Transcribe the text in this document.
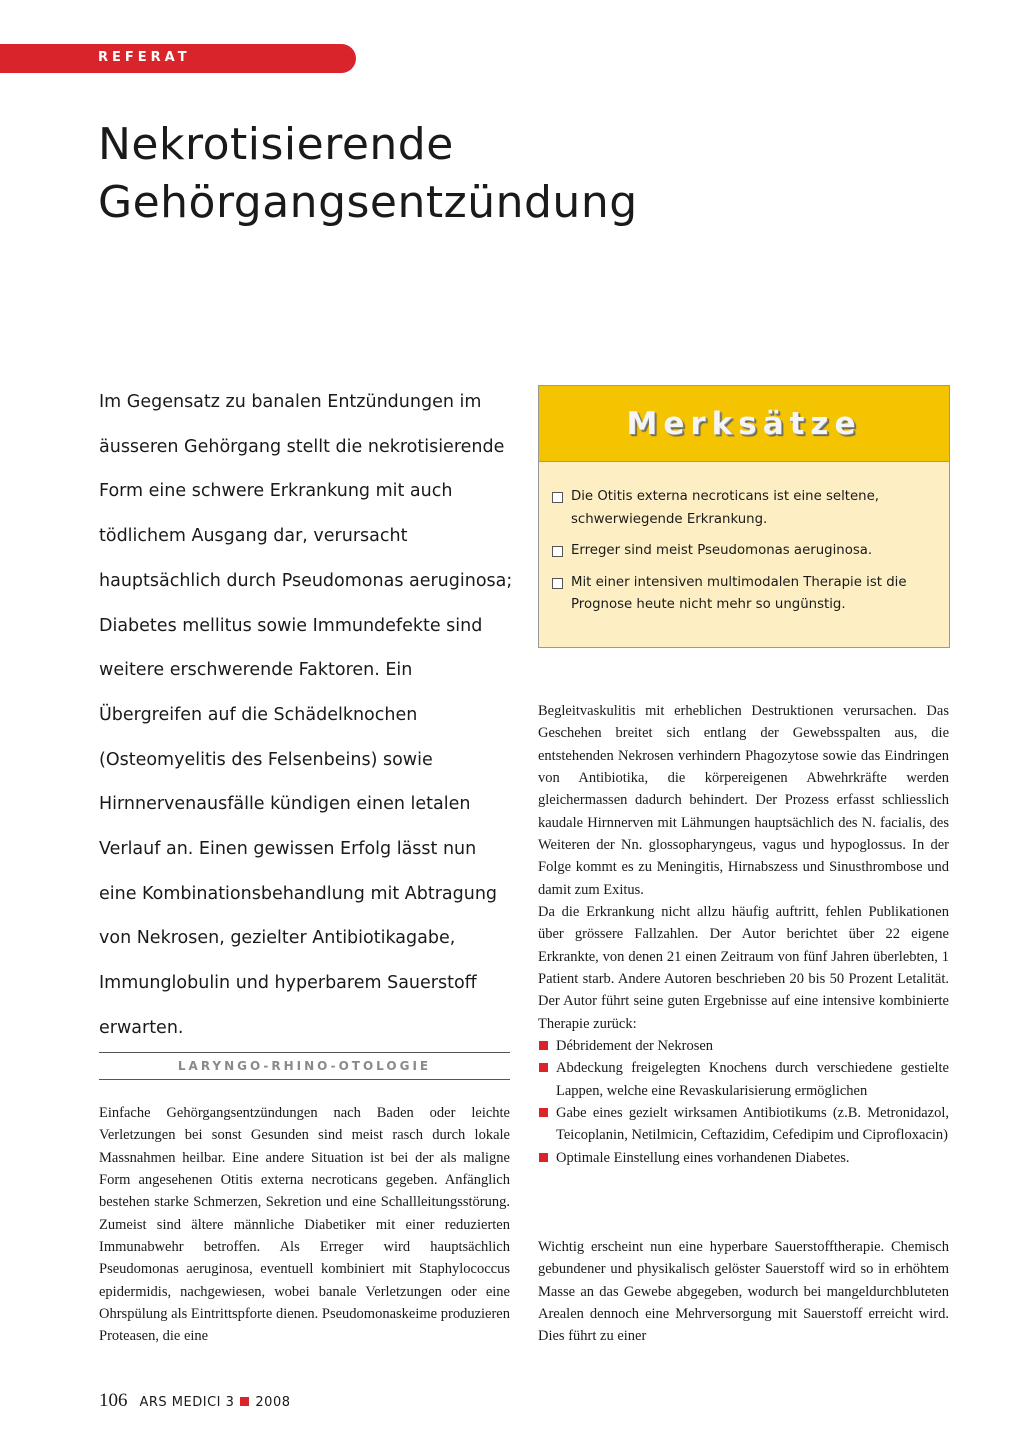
REFERAT
Nekrotisierende
Gehörgangsentzündung

Im Gegensatz zu banalen Entzündungen im äusseren Gehörgang stellt die nekrotisierende Form eine schwere Erkrankung mit auch tödlichem Ausgang dar, verursacht hauptsächlich durch Pseudomonas aeruginosa; Diabetes mellitus sowie Immundefekte sind weitere erschwerende Faktoren. Ein Übergreifen auf die Schädelknochen (Osteomyelitis des Felsenbeins) sowie Hirnnervenausfälle kündigen einen letalen Verlauf an. Einen gewissen Erfolg lässt nun eine Kombinationsbehandlung mit Abtragung von Nekrosen, gezielter Antibiotikagabe, Immunglobulin und hyperbarem Sauerstoff erwarten.

Merksätze
Die Otitis externa necroticans ist eine seltene, schwerwiegende Erkrankung.
Erreger sind meist Pseudomonas aeruginosa.
Mit einer intensiven multimodalen Therapie ist die Prognose heute nicht mehr so ungünstig.
LARYNGO-RHINO-OTOLOGIE

Einfache Gehörgangsentzündungen nach Baden oder leichte Verletzungen bei sonst Gesunden sind meist rasch durch lokale Massnahmen heilbar. Eine andere Situation ist bei der als maligne Form angesehenen Otitis externa necroticans gegeben. Anfänglich bestehen starke Schmerzen, Sekretion und eine Schallleitungsstörung. Zumeist sind ältere männliche Diabetiker mit einer reduzierten Immunabwehr betroffen. Als Erreger wird hauptsächlich Pseudomonas aeruginosa, eventuell kombiniert mit Staphylococcus epidermidis, nachgewiesen, wobei banale Verletzungen oder eine Ohrspülung als Eintrittspforte dienen. Pseudomonaskeime produzieren Proteasen, die eine

Begleitvaskulitis mit erheblichen Destruktionen verursachen. Das Geschehen breitet sich entlang der Gewebsspalten aus, die entstehenden Nekrosen verhindern Phagozytose sowie das Eindringen von Antibiotika, die körpereigenen Abwehrkräfte werden gleichermassen dadurch behindert. Der Prozess erfasst schliesslich kaudale Hirnnerven mit Lähmungen hauptsächlich des N. facialis, des Weiteren der Nn. glossopharyngeus, vagus und hypoglossus. In der Folge kommt es zu Meningitis, Hirnabszess und Sinusthrombose und damit zum Exitus.

Da die Erkrankung nicht allzu häufig auftritt, fehlen Publikationen über grössere Fallzahlen. Der Autor berichtet über 22 eigene Erkrankte, von denen 21 einen Zeitraum von fünf Jahren überlebten, 1 Patient starb. Andere Autoren beschrieben 20 bis 50 Prozent Letalität. Der Autor führt seine guten Ergebnisse auf eine intensive kombinierte Therapie zurück:

Débridement der Nekrosen
Abdeckung freigelegten Knochens durch verschiedene gestielte Lappen, welche eine Revaskularisierung ermöglichen
Gabe eines gezielt wirksamen Antibiotikums (z.B. Metronidazol, Teicoplanin, Netilmicin, Ceftazidim, Cefedipim und Ciprofloxacin)
Optimale Einstellung eines vorhandenen Diabetes.

Wichtig erscheint nun eine hyperbare Sauerstofftherapie. Chemisch gebundener und physikalisch gelöster Sauerstoff wird so in erhöhtem Masse an das Gewebe abgegeben, wodurch bei mangeldurchbluteten Arealen dennoch eine Mehrversorgung mit Sauerstoff erreicht wird. Dies führt zu einer

106 ARS MEDICI 3 2008
